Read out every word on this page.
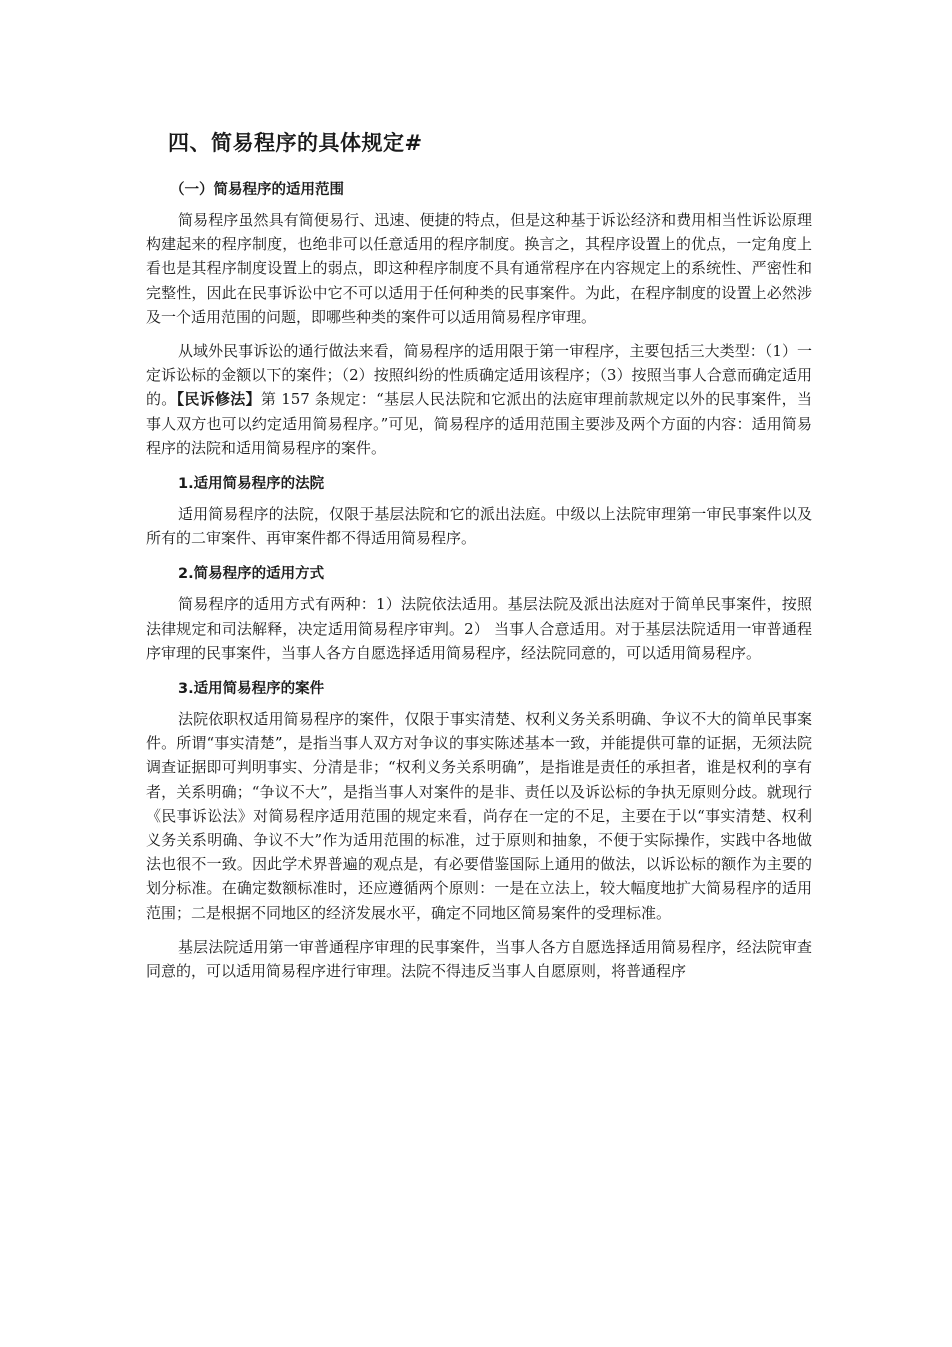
四、简易程序的具体规定#
（一）简易程序的适用范围

简易程序虽然具有简便易行、迅速、便捷的特点，但是这种基于诉讼经济和费用相当性诉讼原理构建起来的程序制度，也绝非可以任意适用的程序制度。换言之，其程序设置上的优点，一定角度上看也是其程序制度设置上的弱点，即这种程序制度不具有通常程序在内容规定上的系统性、严密性和完整性，因此在民事诉讼中它不可以适用于任何种类的民事案件。为此，在程序制度的设置上必然涉及一个适用范围的问题，即哪些种类的案件可以适用简易程序审理。

从域外民事诉讼的通行做法来看，简易程序的适用限于第一审程序，主要包括三大类型：（1）一定诉讼标的金额以下的案件；（2）按照纠纷的性质确定适用该程序；（3）按照当事人合意而确定适用的。【民诉修法】第 157 条规定：“基层人民法院和它派出的法庭审理前款规定以外的民事案件，当事人双方也可以约定适用简易程序。”可见，简易程序的适用范围主要涉及两个方面的内容：适用简易程序的法院和适用简易程序的案件。

1.适用简易程序的法院

适用简易程序的法院，仅限于基层法院和它的派出法庭。中级以上法院审理第一审民事案件以及所有的二审案件、再审案件都不得适用简易程序。

2.简易程序的适用方式

简易程序的适用方式有两种：1）法院依法适用。基层法院及派出法庭对于简单民事案件，按照法律规定和司法解释，决定适用简易程序审判。2） 当事人合意适用。对于基层法院适用一审普通程序审理的民事案件，当事人各方自愿选择适用简易程序，经法院同意的，可以适用简易程序。

3.适用简易程序的案件

法院依职权适用简易程序的案件，仅限于事实清楚、权利义务关系明确、争议不大的简单民事案件。所谓“事实清楚”，是指当事人双方对争议的事实陈述基本一致，并能提供可靠的证据，无须法院调查证据即可判明事实、分清是非；“权利义务关系明确”，是指谁是责任的承担者，谁是权利的享有者，关系明确；“争议不大”，是指当事人对案件的是非、责任以及诉讼标的争执无原则分歧。就现行《民事诉讼法》对简易程序适用范围的规定来看，尚存在一定的不足，主要在于以“事实清楚、权利义务关系明确、争议不大”作为适用范围的标准，过于原则和抽象，不便于实际操作，实践中各地做法也很不一致。因此学术界普遍的观点是，有必要借鉴国际上通用的做法，以诉讼标的额作为主要的划分标准。在确定数额标准时，还应遵循两个原则：一是在立法上，较大幅度地扩大简易程序的适用范围；二是根据不同地区的经济发展水平，确定不同地区简易案件的受理标准。

基层法院适用第一审普通程序审理的民事案件，当事人各方自愿选择适用简易程序，经法院审查同意的，可以适用简易程序进行审理。法院不得违反当事人自愿原则，将普通程序
